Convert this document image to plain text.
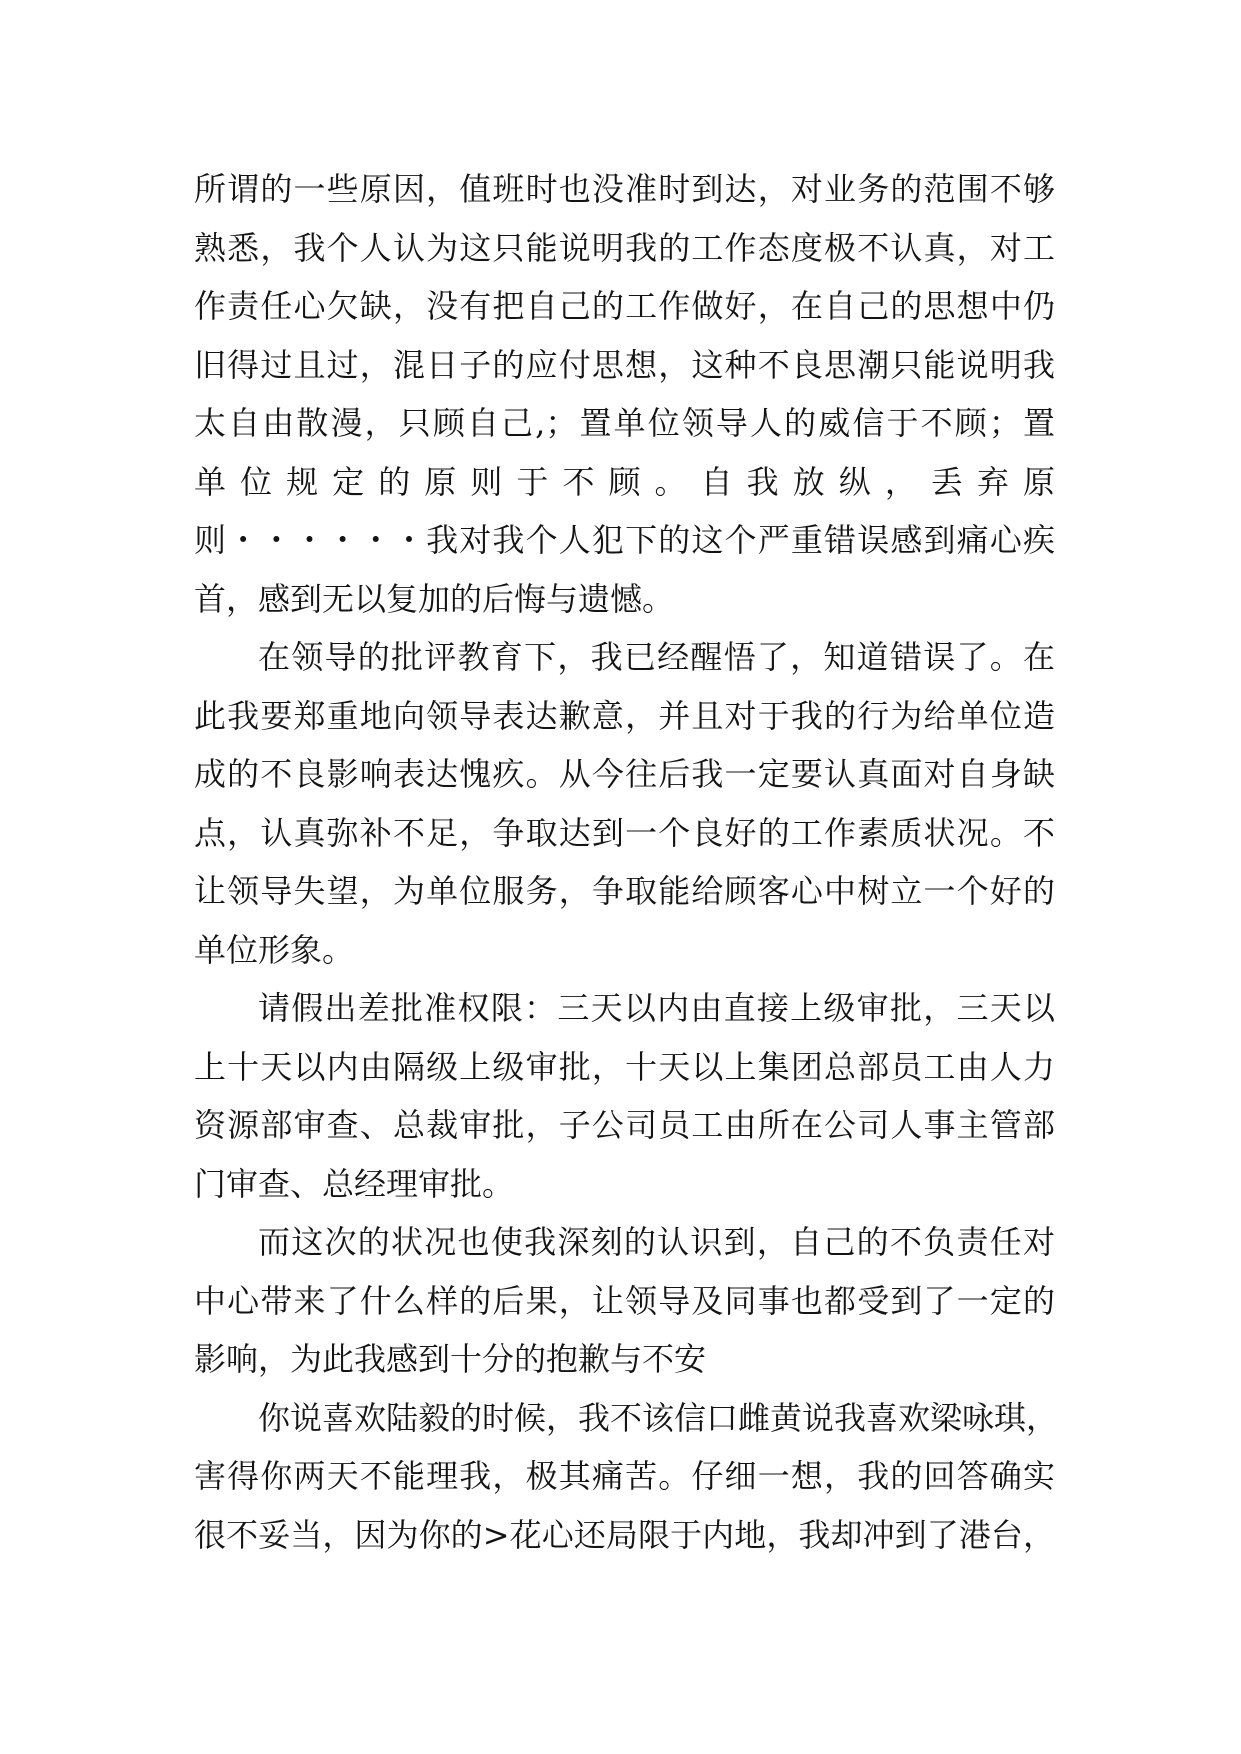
所谓的一些原因，值班时也没准时到达，对业务的范围不够
熟悉，我个人认为这只能说明我的工作态度极不认真，对工
作责任心欠缺，没有把自己的工作做好，在自己的思想中仍
旧得过且过，混日子的应付思想，这种不良思潮只能说明我
太自由散漫，只顾自己,；置单位领导人的威信于不顾；置
单位规定的原则于不顾。自我放纵，丢弃原
则・・・・・・我对我个人犯下的这个严重错误感到痛心疾
首，感到无以复加的后悔与遗憾。
在领导的批评教育下，我已经醒悟了，知道错误了。在
此我要郑重地向领导表达歉意，并且对于我的行为给单位造
成的不良影响表达愧疚。从今往后我一定要认真面对自身缺
点，认真弥补不足，争取达到一个良好的工作素质状况。不
让领导失望，为单位服务，争取能给顾客心中树立一个好的
单位形象。
请假出差批准权限：三天以内由直接上级审批，三天以
上十天以内由隔级上级审批，十天以上集团总部员工由人力
资源部审查、总裁审批，子公司员工由所在公司人事主管部
门审查、总经理审批。
而这次的状况也使我深刻的认识到，自己的不负责任对
中心带来了什么样的后果，让领导及同事也都受到了一定的
影响，为此我感到十分的抱歉与不安
你说喜欢陆毅的时候，我不该信口雌黄说我喜欢梁咏琪，
害得你两天不能理我，极其痛苦。仔细一想，我的回答确实
很不妥当，因为你的>花心还局限于内地，我却冲到了港台，
